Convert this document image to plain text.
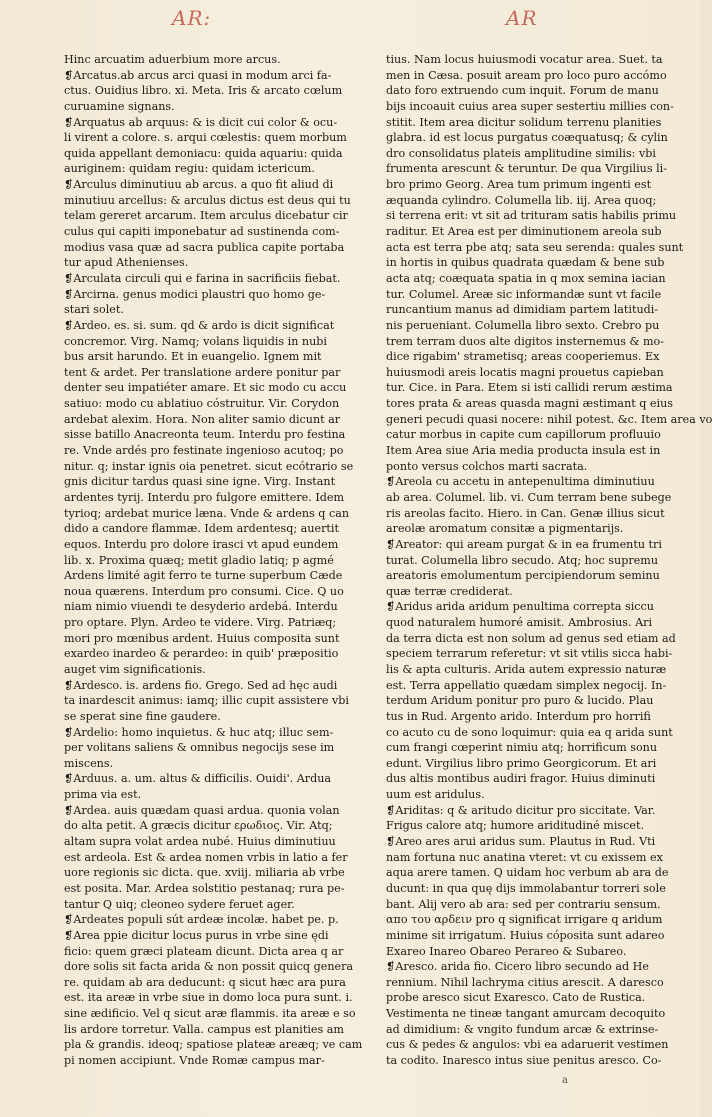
AR:	AR
Hinc arcuatim aduerbium more arcus.
❡Arcatus.ab arcus arci quasi in modum arci fa-
ctus. Ouidius libro. xi. Meta. Iris & arcato cœlum
curuamine signans.
❡Arquatus ab arquus: & is dicit cui color & ocu-
li virent a colore. s. arqui cœlestis: quem morbum
quida appellant demoniacu: quida aquariu: quida
auriginem: quidam regiu: quidam ictericum.
❡Arculus diminutiuu ab arcus. a quo fit aliud di
minutiuu arcellus: & arculus dictus est deus qui tu
telam gereret arcarum. Item arculus dicebatur cir
culus qui capiti imponebatur ad sustinenda com-
modius vasa quæ ad sacra publica capite portaba
tur apud Athenienses.
❡Arculata circuli qui e farina in sacrificiis fiebat.
❡Arcirna. genus modici plaustri quo homo ge-
stari solet.
❡Ardeo. es. si. sum. qd & ardo is dicit significat
concremor. Virg. Namq; volans liquidis in nubi
bus arsit harundo. Et in euangelio. Ignem mit
tent & ardet. Per translatione ardere ponitur par
denter seu impatiéter amare. Et sic modo cu accu
satiuo: modo cu ablatiuo cóstruitur. Vir. Corydon
ardebat alexim. Hora. Non aliter samio dicunt ar
sisse batillo Anacreonta teum. Interdu pro festina
re. Vnde ardés pro festinate ingenioso acutoq; po
nitur. q; instar ignis oia penetret. sicut ecótrario se
gnis dicitur tardus quasi sine igne. Virg. Instant
ardentes tyrij. Interdu pro fulgore emittere. Idem
tyrioq; ardebat murice læna. Vnde & ardens q can
dido a candore flammæ. Idem ardentesq; auertit
equos. Interdu pro dolore irasci vt apud eundem
lib. x. Proxima quæq; metit gladio latiq; p agmé
Ardens limité agit ferro te turne superbum Cæde
noua quærens. Interdum pro consumi. Cice. Q uo
niam nimio viuendi te desyderio ardebá. Interdu
pro optare. Plyn. Ardeo te videre. Virg. Patriæq;
mori pro mœnibus ardent. Huius composita sunt
exardeo inardeo & perardeo: in quib' præpositio
auget vim significationis.
❡Ardesco. is. ardens fio. Grego. Sed ad hęc audi
ta inardescit animus: iamq; illic cupit assistere vbi
se sperat sine fine gaudere.
❡Ardelio: homo inquietus. & huc atq; illuc sem-
per volitans saliens & omnibus negocijs sese im
miscens.
❡Arduus. a. um. altus & difficilis. Ouidi'. Ardua
prima via est.
❡Ardea. auis quædam quasi ardua. quonia volan
do alta petit. A græcis dicitur ερωδιος. Vir. Atq;
altam supra volat ardea nubé. Huius diminutiuu
est ardeola. Est & ardea nomen vrbis in latio a fer
uore regionis sic dicta. que. xviij. miliaria ab vrbe
est posita. Mar. Ardea solstitio pestanaq; rura pe-
tantur Q uiq; cleoneo sydere feruet ager.
❡Ardeates populi sút ardeæ incolæ. habet pe. p.
❡Area ppie dicitur locus purus in vrbe sine ędi
ficio: quem græci plateam dicunt. Dicta area q ar
dore solis sit facta arida & non possit quicq genera
re. quidam ab ara deducunt: q sicut hæc ara pura
est. ita areæ in vrbe siue in domo loca pura sunt. i.
sine ædificio. Vel q sicut aræ flammis. ita areæ e so
lis ardore torretur. Valla. campus est planities am
pla & grandis. ideoq; spatiose plateæ areæq; ve cam
pi nomen accipiunt. Vnde Romæ campus mar-
tius. Nam locus huiusmodi vocatur area. Suet. ta
men in Cæsa. posuit aream pro loco puro accómo
dato foro extruendo cum inquit. Forum de manu
bijs incoauit cuius area super sestertiu millies con-
stitit. Item area dicitur solidum terrenu planities
glabra. id est locus purgatus coæquatusq; & cylin
dro consolidatus plateis amplitudine similis: vbi
frumenta arescunt & teruntur. De qua Virgilius li-
bro primo Georg. Area tum primum ingenti est
æquanda cylindro. Columella lib. iij. Area quoq;
si terrena erit: vt sit ad trituram satis habilis primu
raditur. Et Area est per diminutionem areola sub
acta est terra pbe atq; sata seu serenda: quales sunt
in hortis in quibus quadrata quædam & bene sub
acta atq; coæquata spatia in q mox semina iacian
tur. Columel. Areæ sic informandæ sunt vt facile
runcantium manus ad dimidiam partem latitudi-
nis perueniant. Columella libro sexto. Crebro pu
trem terram duos alte digitos insternemus & mo-
dice rigabim' strametisq; areas cooperiemus. Ex
huiusmodi areis locatis magni prouetus capieban
tur. Cice. in Para. Etem si isti callidi rerum æstima
tores prata & areas quasda magni æstimant q eius
generi pecudi quasi nocere: nihil potest. &c. Item area vo
catur morbus in capite cum capillorum profluuio
Item Area siue Aria media producta insula est in
ponto versus colchos marti sacrata.
❡Areola cu accetu in antepenultima diminutiuu
ab area. Columel. lib. vi. Cum terram bene subege
ris areolas facito. Hiero. in Can. Genæ illius sicut
areolæ aromatum consitæ a pigmentarijs.
❡Areator: qui aream purgat & in ea frumentu tri
turat. Columella libro secudo. Atq; hoc supremu
areatoris emolumentum percipiendorum seminu
quæ terræ crediderat.
❡Aridus arida aridum penultima correpta siccu
quod naturalem humoré amisit. Ambrosius. Ari
da terra dicta est non solum ad genus sed etiam ad
speciem terrarum referetur: vt sit vtilis sicca habi-
lis & apta culturis. Arida autem expressio naturæ
est. Terra appellatio quædam simplex negocij. In-
terdum Aridum ponitur pro puro & lucido. Plau
tus in Rud. Argento arido. Interdum pro horrifi
co acuto cu de sono loquimur: quia ea q arida sunt
cum frangi cœperint nimiu atq; horrificum sonu
edunt. Virgilius libro primo Georgicorum. Et ari
dus altis montibus audiri fragor. Huius diminuti
uum est aridulus.
❡Ariditas: q & aritudo dicitur pro siccitate. Var.
Frigus calore atq; humore ariditudiné miscet.
❡Areo ares arui aridus sum. Plautus in Rud. Vti
nam fortuna nuc anatina vteret: vt cu exissem ex
aqua arere tamen. Q uidam hoc verbum ab ara de
ducunt: in qua quę dijs immolabantur torreri sole
bant. Alij vero ab ara: sed per contrariu sensum.
απο του αρδειν pro q significat irrigare q aridum
minime sit irrigatum. Huius cóposita sunt adareo
Exareo Inareo Obareo Perareo & Subareo.
❡Aresco. arida fio. Cicero libro secundo ad He
rennium. Nihil lachryma citius arescit. A daresco
probe aresco sicut Exaresco. Cato de Rustica.
Vestimenta ne tineæ tangant amurcam decoquito
ad dimidium: & vngito fundum arcæ & extrinse-
cus & pedes & angulos: vbi ea adaruerit vestimen
ta codito. Inaresco intus siue penitus aresco. Co-
a
